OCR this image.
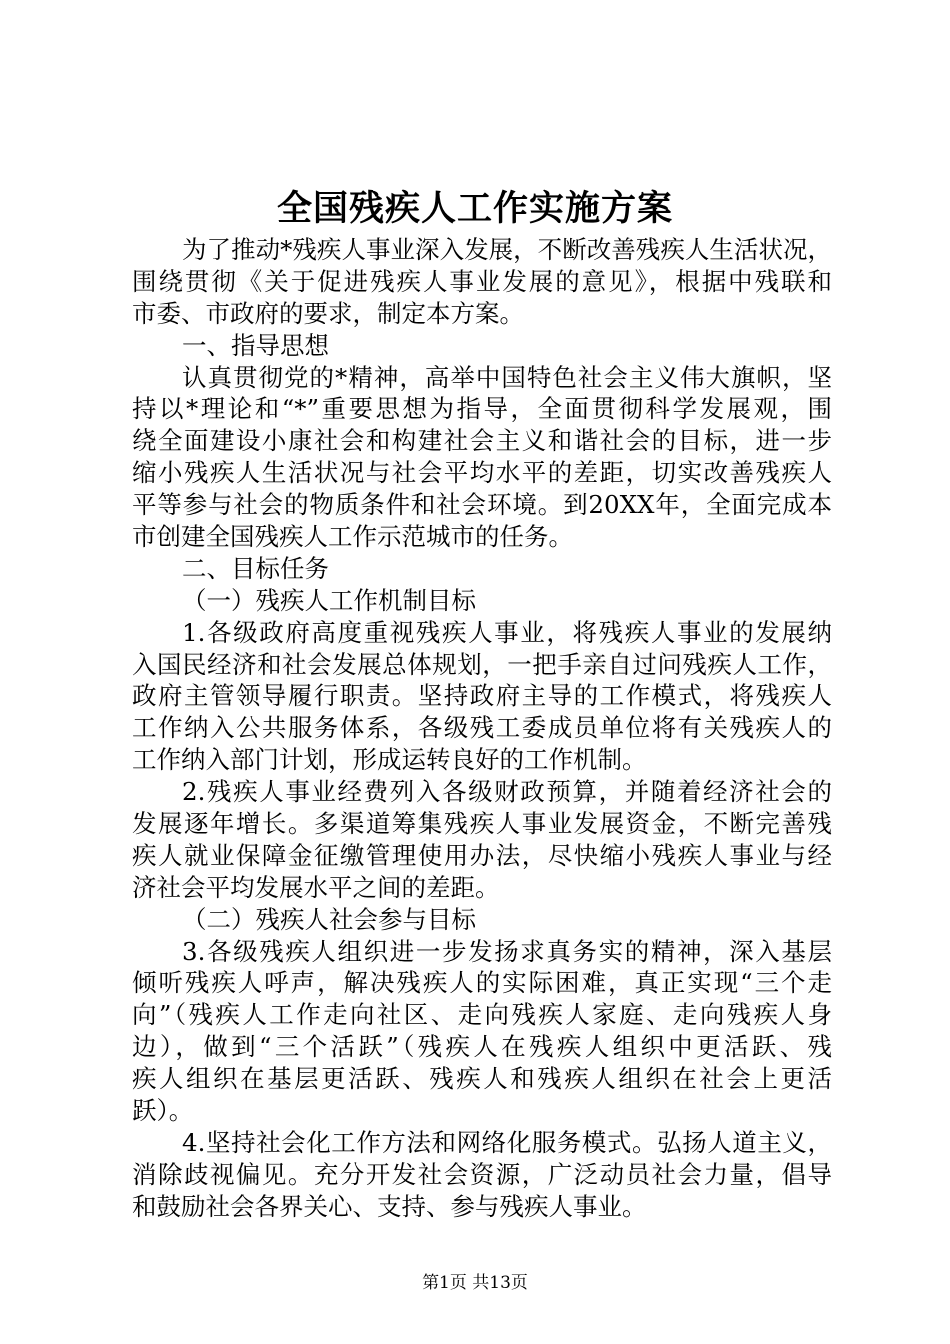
全国残疾人工作实施方案
为了推动*残疾人事业深入发展，不断改善残疾人生活状况，
围绕贯彻《关于促进残疾人事业发展的意见》，根据中残联和
市委、市政府的要求，制定本方案。
一、指导思想
认真贯彻党的*精神，高举中国特色社会主义伟大旗帜，坚
持以*理论和“*”重要思想为指导，全面贯彻科学发展观，围
绕全面建设小康社会和构建社会主义和谐社会的目标，进一步
缩小残疾人生活状况与社会平均水平的差距，切实改善残疾人
平等参与社会的物质条件和社会环境。到20XX年，全面完成本
市创建全国残疾人工作示范城市的任务。
二、目标任务
（一）残疾人工作机制目标
1.各级政府高度重视残疾人事业，将残疾人事业的发展纳
入国民经济和社会发展总体规划，一把手亲自过问残疾人工作，
政府主管领导履行职责。坚持政府主导的工作模式，将残疾人
工作纳入公共服务体系，各级残工委成员单位将有关残疾人的
工作纳入部门计划，形成运转良好的工作机制。
2.残疾人事业经费列入各级财政预算，并随着经济社会的
发展逐年增长。多渠道筹集残疾人事业发展资金，不断完善残
疾人就业保障金征缴管理使用办法，尽快缩小残疾人事业与经
济社会平均发展水平之间的差距。
（二）残疾人社会参与目标
3.各级残疾人组织进一步发扬求真务实的精神，深入基层
倾听残疾人呼声，解决残疾人的实际困难，真正实现“三个走
向”（残疾人工作走向社区、走向残疾人家庭、走向残疾人身
边），做到“三个活跃”（残疾人在残疾人组织中更活跃、残
疾人组织在基层更活跃、残疾人和残疾人组织在社会上更活
跃）。
4.坚持社会化工作方法和网络化服务模式。弘扬人道主义，
消除歧视偏见。充分开发社会资源，广泛动员社会力量，倡导
和鼓励社会各界关心、支持、参与残疾人事业。
第1页 共13页
